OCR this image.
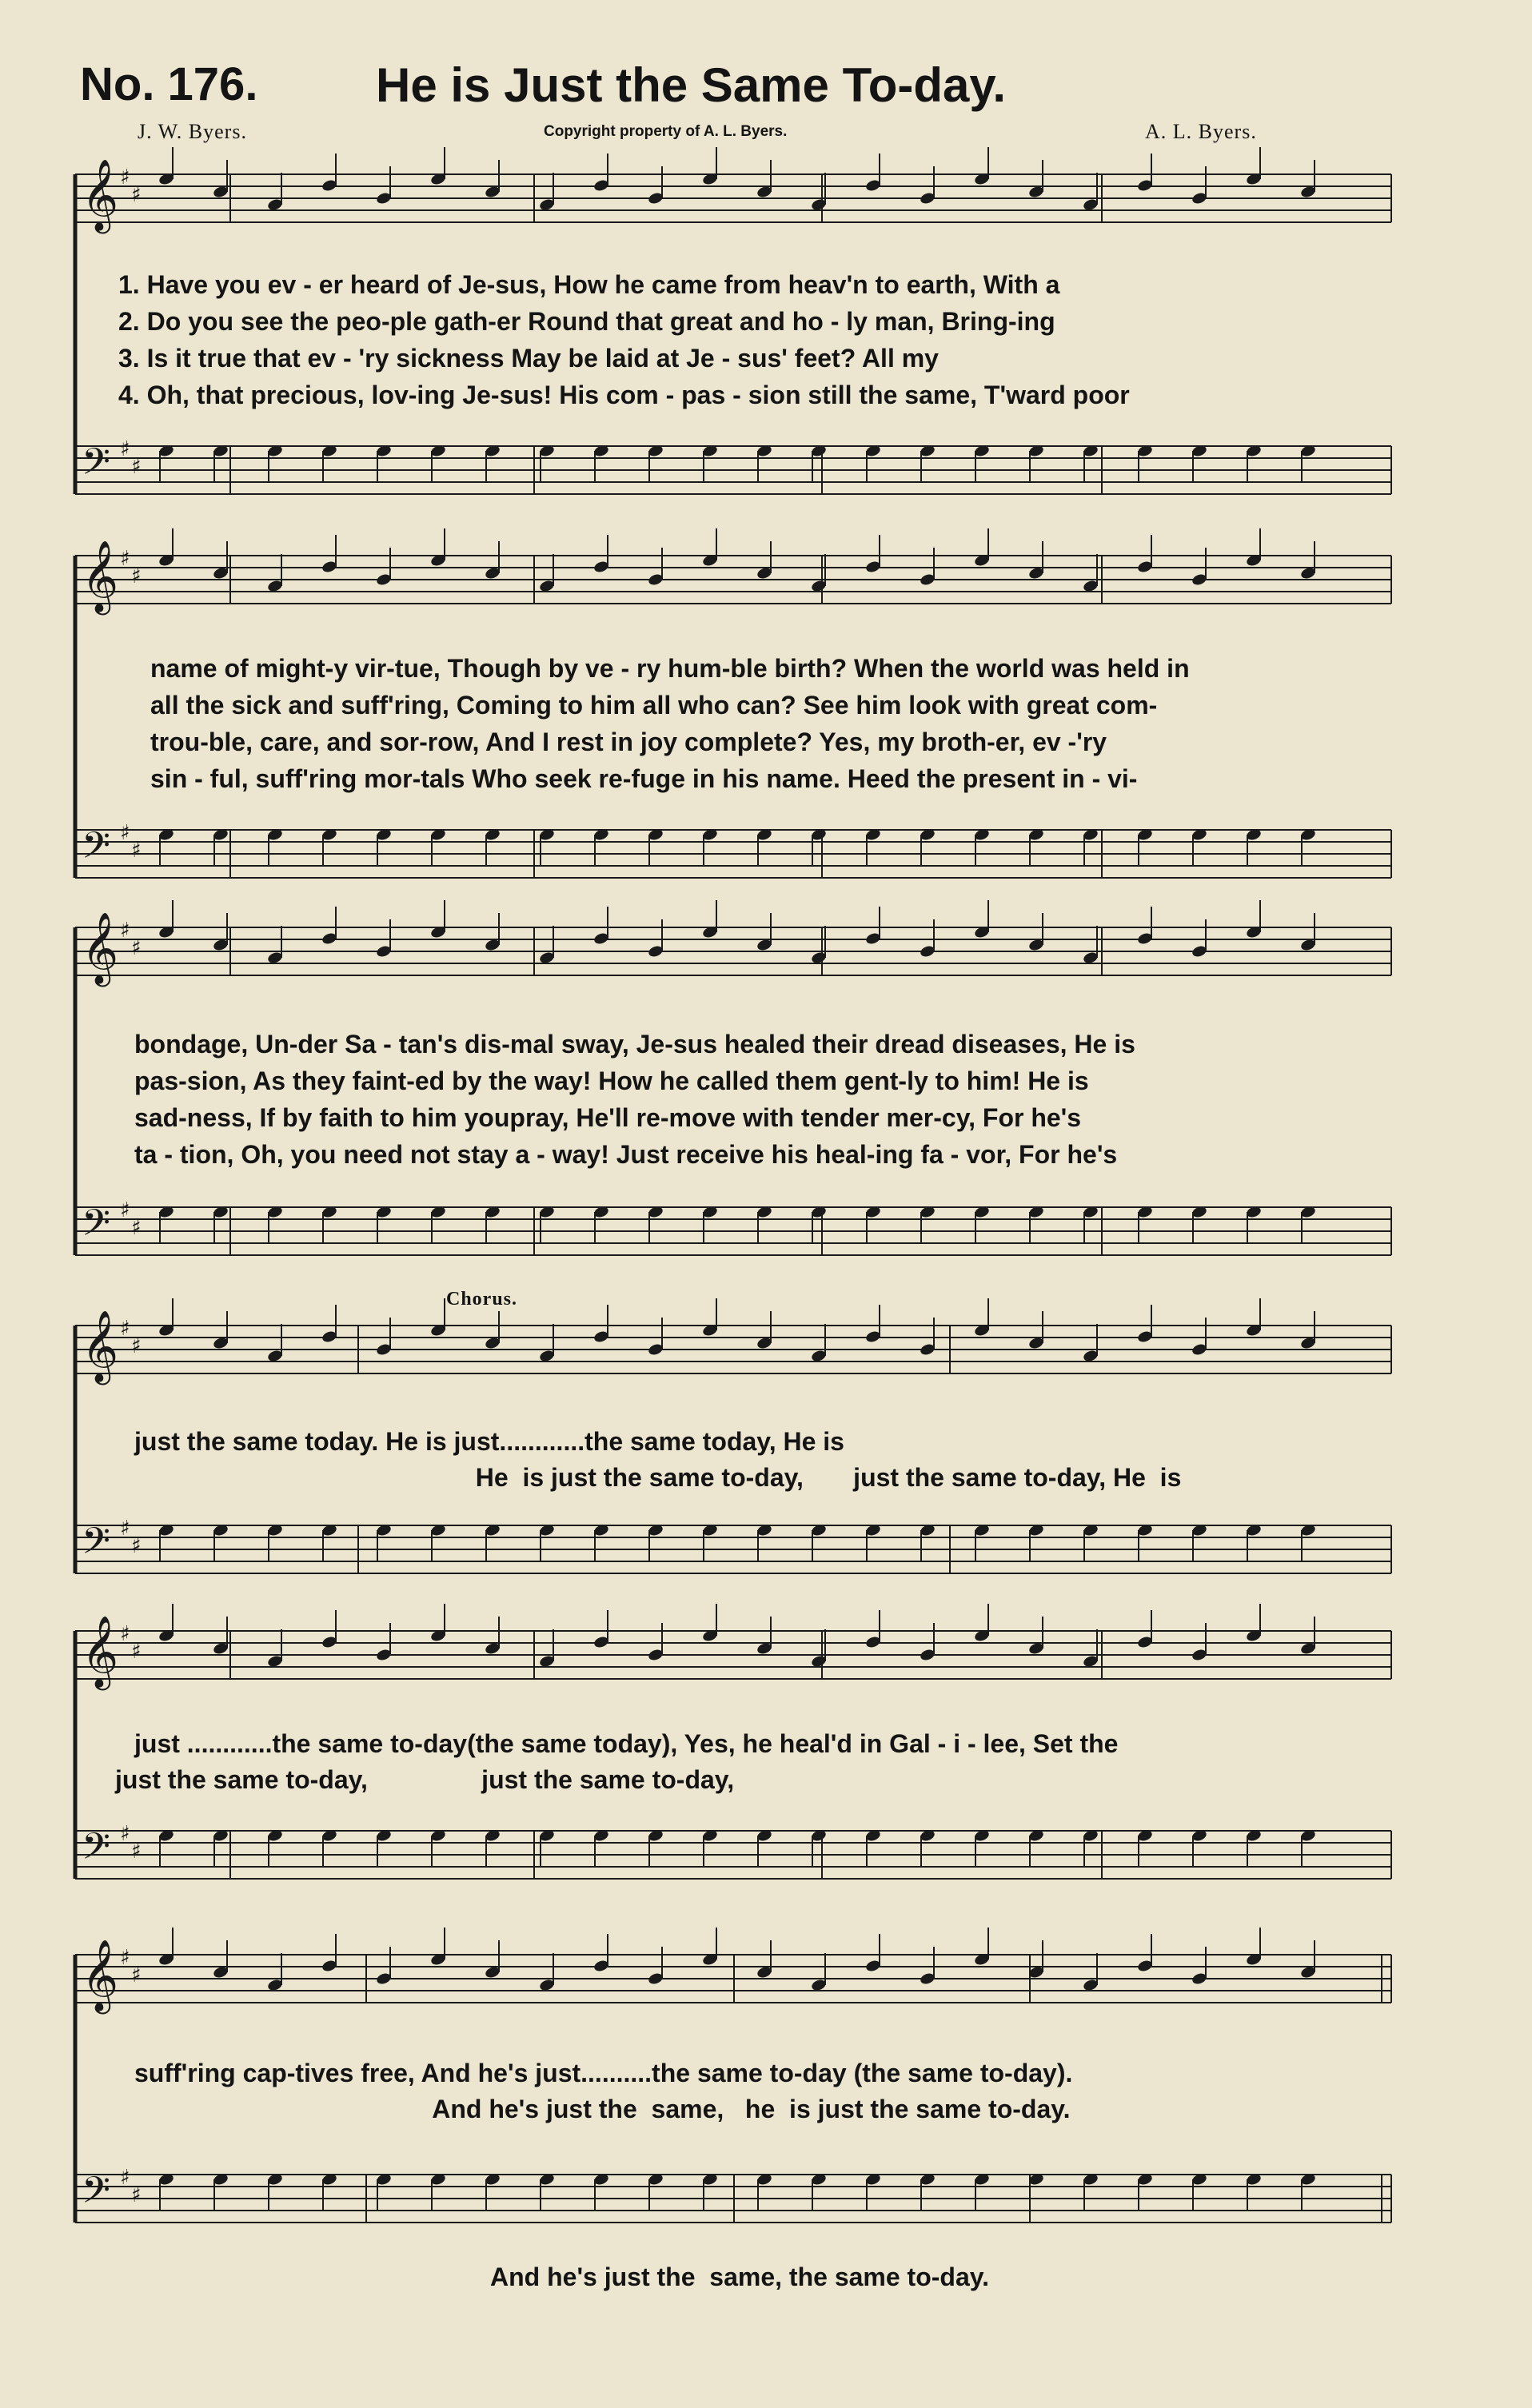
No. 176. He is Just the Same To-day.
J. W. Byers.	Copyright property of A. L. Byers.	A. L. Byers.
𝄞 ♯
♯
𝄢 ♯
♯
1. Have you ev - er heard of Je-sus, How he came from heav'n to earth, With a
2. Do you see the peo-ple gath-er Round that great and ho - ly man, Bring-ing
3. Is it true that ev - 'ry sickness May be laid at Je - sus' feet? All my
4. Oh, that precious, lov-ing Je-sus! His com - pas - sion still the same, T'ward poor
𝄞 ♯
♯
𝄢 ♯
♯
name of might-y vir-tue, Though by ve - ry hum-ble birth? When the world was held in
all the sick and suff'ring, Coming to him all who can? See him look with great com-
trou-ble, care, and sor-row, And I rest in joy complete? Yes, my broth-er, ev -'ry
sin - ful, suff'ring mor-tals Who seek re-fuge in his name. Heed the present in - vi-
𝄞 ♯
♯
𝄢 ♯
♯
bondage, Un-der Sa - tan's dis-mal sway, Je-sus healed their dread diseases, He is
pas-sion, As they faint-ed by the way! How he called them gent-ly to him! He is
sad-ness, If by faith to him youpray, He'll re-move with tender mer-cy, For he's
ta - tion, Oh, you need not stay a - way! Just receive his heal-ing fa - vor, For he's
𝄞 ♯
♯
𝄢 ♯
♯
Chorus.
just the same today. He is just............the same today, He is
He  is just the same to-day,       just the same to-day, He  is
𝄞 ♯
♯
𝄢 ♯
♯
just ............the same to-day(the same today), Yes, he heal'd in Gal - i - lee, Set the
just the same to-day,                just the same to-day,
𝄞 ♯
♯
𝄢 ♯
♯
suff'ring cap-tives free, And he's just..........the same to-day (the same to-day).
And he's just the  same,   he  is just the same to-day.
And he's just the  same, the same to-day.
